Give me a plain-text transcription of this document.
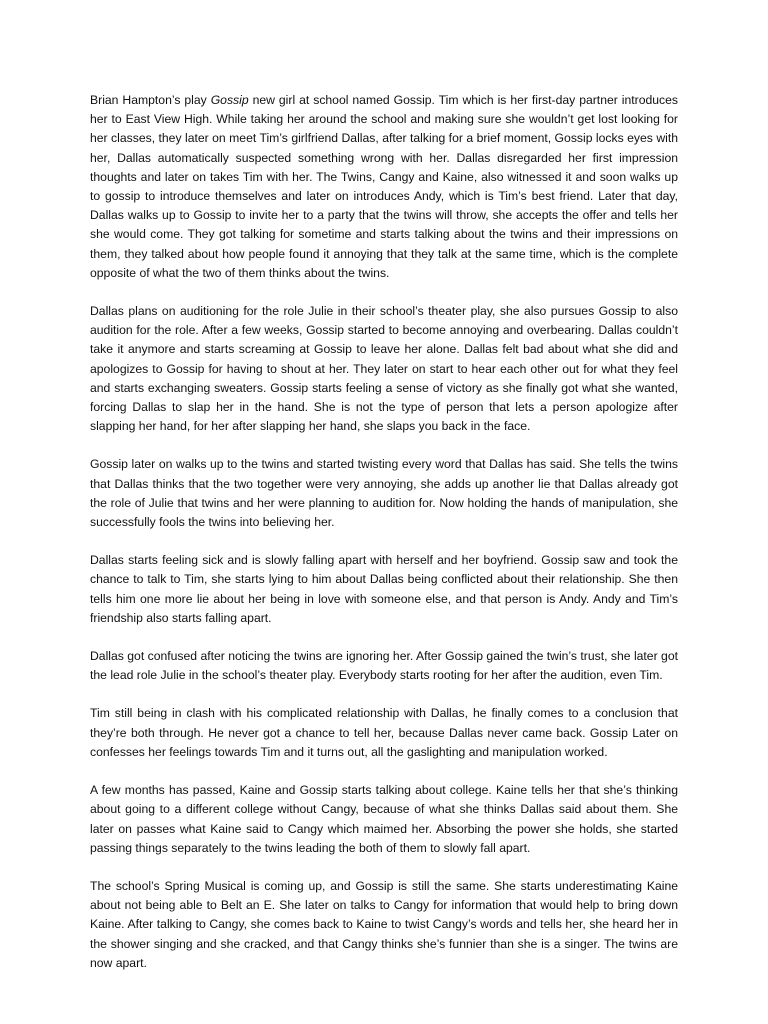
Brian Hampton’s play Gossip new girl at school named Gossip. Tim which is her first-day partner introduces her to East View High. While taking her around the school and making sure she wouldn’t get lost looking for her classes, they later on meet Tim’s girlfriend Dallas, after talking for a brief moment, Gossip locks eyes with her, Dallas automatically suspected something wrong with her. Dallas disregarded her first impression thoughts and later on takes Tim with her. The Twins, Cangy and Kaine, also witnessed it and soon walks up to gossip to introduce themselves and later on introduces Andy, which is Tim’s best friend. Later that day, Dallas walks up to Gossip to invite her to a party that the twins will throw, she accepts the offer and tells her she would come. They got talking for sometime and starts talking about the twins and their impressions on them, they talked about how people found it annoying that they talk at the same time, which is the complete opposite of what the two of them thinks about the twins.

Dallas plans on auditioning for the role Julie in their school’s theater play, she also pursues Gossip to also audition for the role. After a few weeks, Gossip started to become annoying and overbearing. Dallas couldn’t take it anymore and starts screaming at Gossip to leave her alone. Dallas felt bad about what she did and apologizes to Gossip for having to shout at her. They later on start to hear each other out for what they feel and starts exchanging sweaters. Gossip starts feeling a sense of victory as she finally got what she wanted, forcing Dallas to slap her in the hand. She is not the type of person that lets a person apologize after slapping her hand, for her after slapping her hand, she slaps you back in the face.

Gossip later on walks up to the twins and started twisting every word that Dallas has said. She tells the twins that Dallas thinks that the two together were very annoying, she adds up another lie that Dallas already got the role of Julie that twins and her were planning to audition for. Now holding the hands of manipulation, she successfully fools the twins into believing her.

Dallas starts feeling sick and is slowly falling apart with herself and her boyfriend. Gossip saw and took the chance to talk to Tim, she starts lying to him about Dallas being conflicted about their relationship. She then tells him one more lie about her being in love with someone else, and that person is Andy. Andy and Tim’s friendship also starts falling apart.

Dallas got confused after noticing the twins are ignoring her. After Gossip gained the twin’s trust, she later got the lead role Julie in the school’s theater play. Everybody starts rooting for her after the audition, even Tim.

Tim still being in clash with his complicated relationship with Dallas, he finally comes to a conclusion that they’re both through. He never got a chance to tell her, because Dallas never came back. Gossip Later on confesses her feelings towards Tim and it turns out, all the gaslighting and manipulation worked.

A few months has passed, Kaine and Gossip starts talking about college. Kaine tells her that she’s thinking about going to a different college without Cangy, because of what she thinks Dallas said about them. She later on passes what Kaine said to Cangy which maimed her. Absorbing the power she holds, she started passing things separately to the twins leading the both of them to slowly fall apart.

The school’s Spring Musical is coming up, and Gossip is still the same. She starts underestimating Kaine about not being able to Belt an E. She later on talks to Cangy for information that would help to bring down Kaine. After talking to Cangy, she comes back to Kaine to twist Cangy’s words and tells her, she heard her in the shower singing and she cracked, and that Cangy thinks she’s funnier than she is a singer. The twins are now apart.
